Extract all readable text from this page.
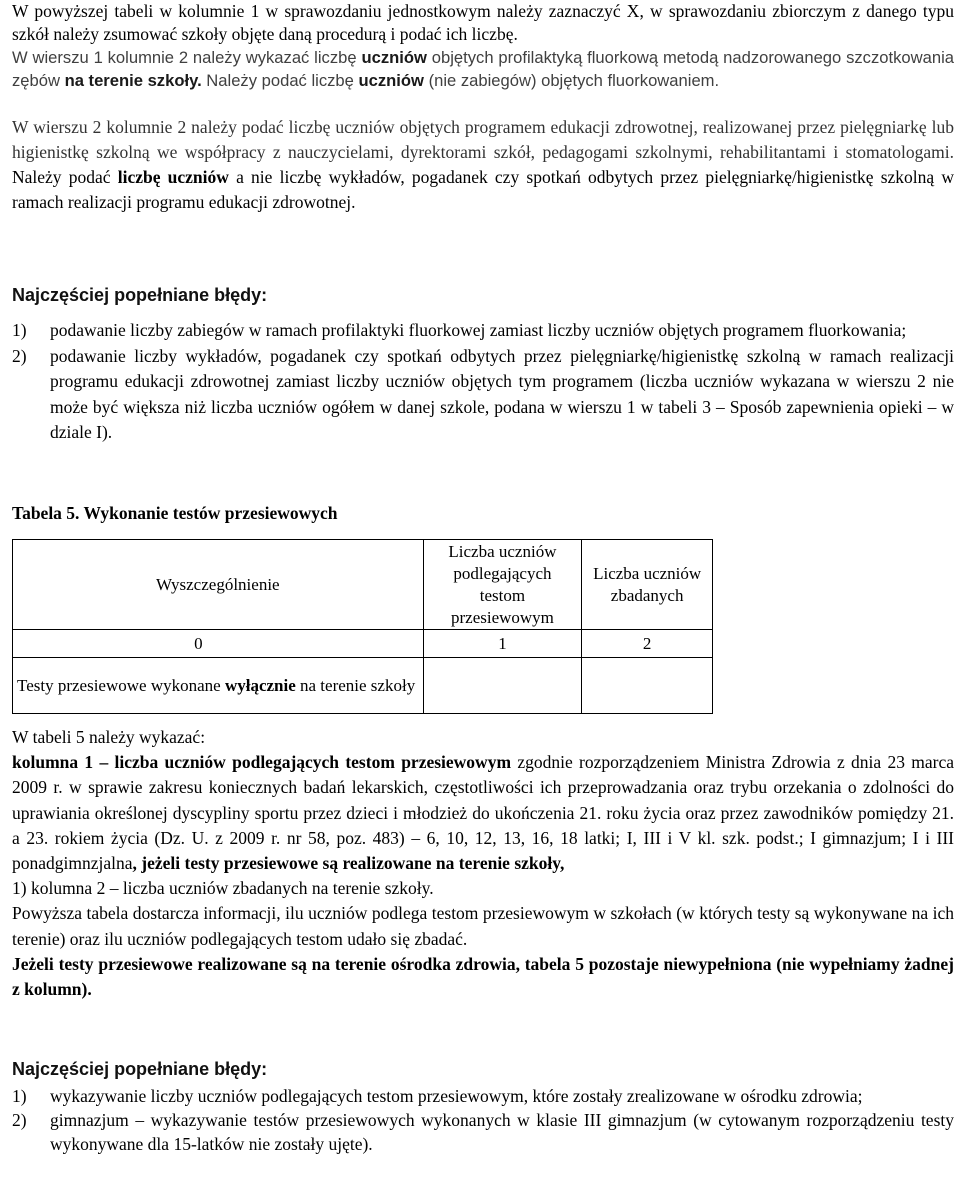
W powyższej tabeli w kolumnie 1 w sprawozdaniu jednostkowym należy zaznaczyć X, w sprawozdaniu zbiorczym z danego typu szkół należy zsumować szkoły objęte daną procedurą i podać ich liczbę.

W wierszu 1 kolumnie 2 należy wykazać liczbę uczniów objętych profilaktyką fluorkową metodą nadzorowanego szczotkowania zębów na terenie szkoły. Należy podać liczbę uczniów (nie zabiegów) objętych fluorkowaniem.

W wierszu 2 kolumnie 2 należy podać liczbę uczniów objętych programem edukacji zdrowotnej, realizowanej przez pielęgniarkę lub higienistkę szkolną we współpracy z nauczycielami, dyrektorami szkół, pedagogami szkolnymi, rehabilitantami i stomatologami. Należy podać liczbę uczniów a nie liczbę wykładów, pogadanek czy spotkań odbytych przez pielęgniarkę/higienistkę szkolną w ramach realizacji programu edukacji zdrowotnej.

Najczęściej popełniane błędy:

1) podawanie liczby zabiegów w ramach profilaktyki fluorkowej zamiast liczby uczniów objętych programem fluorkowania;
2) podawanie liczby wykładów, pogadanek czy spotkań odbytych przez pielęgniarkę/higienistkę szkolną w ramach realizacji programu edukacji zdrowotnej zamiast liczby uczniów objętych tym programem (liczba uczniów wykazana w wierszu 2 nie może być większa niż liczba uczniów ogółem w danej szkole, podana w wierszu 1 w tabeli 3 – Sposób zapewnienia opieki – w dziale I).
Tabela 5. Wykonanie testów przesiewowych
Wyszczególnienie	Liczba uczniów podlegających testom przesiewowym	Liczba uczniów zbadanych
0	1	2
Testy przesiewowe wykonane wyłącznie na terenie szkoły		

W tabeli 5 należy wykazać:

kolumna 1 – liczba uczniów podlegających testom przesiewowym zgodnie rozporządzeniem Ministra Zdrowia z dnia 23 marca 2009 r. w sprawie zakresu koniecznych badań lekarskich, częstotliwości ich przeprowadzania oraz trybu orzekania o zdolności do uprawiania określonej dyscypliny sportu przez dzieci i młodzież do ukończenia 21. roku życia oraz przez zawodników pomiędzy 21. a 23. rokiem życia (Dz. U. z 2009 r. nr 58, poz. 483) – 6, 10, 12, 13, 16, 18 latki; I, III i V kl. szk. podst.; I gimnazjum; I i III ponadgimnzjalna, jeżeli testy przesiewowe są realizowane na terenie szkoły,

1) kolumna 2 – liczba uczniów zbadanych na terenie szkoły.

Powyższa tabela dostarcza informacji, ilu uczniów podlega testom przesiewowym w szkołach (w których testy są wykonywane na ich terenie) oraz ilu uczniów podlegających testom udało się zbadać.

Jeżeli testy przesiewowe realizowane są na terenie ośrodka zdrowia, tabela 5 pozostaje niewypełniona (nie wypełniamy żadnej z kolumn).

Najczęściej popełniane błędy:

1) wykazywanie liczby uczniów podlegających testom przesiewowym, które zostały zrealizowane w ośrodku zdrowia;
2) gimnazjum – wykazywanie testów przesiewowych wykonanych w klasie III gimnazjum (w cytowanym rozporządzeniu testy wykonywane dla 15-latków nie zostały ujęte).
